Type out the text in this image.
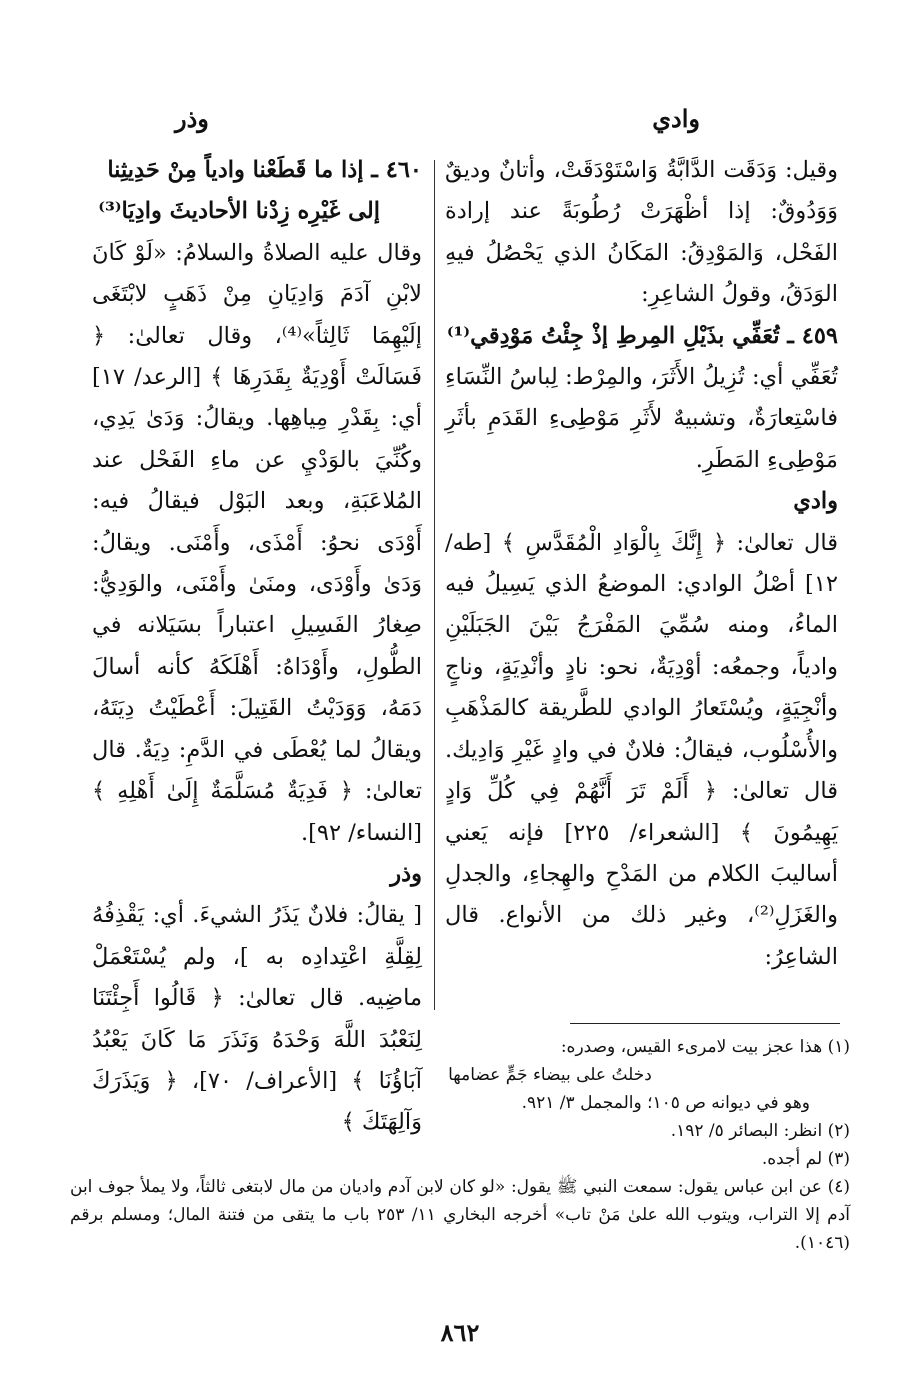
وادي
وذر

وقيل: وَدَقَت الدَّابَّةُ وَاسْتَوْدَقَتْ، وأتانٌ وديقٌ وَوَدُوقٌ: إذا أظْهَرَتْ رُطُوبَةً عند إرادة الفَحْل، وَالمَوْدِقُ: المَكَانُ الذي يَحْصُلُ فيهِ الوَدَقُ، وقولُ الشاعِرِ:

٤٥٩ ـ تُعَفِّي بذَيْلِ المِرطِ إذْ جِئْتُ مَوْدِقي⁽¹⁾

تُعَفِّي أي: تُزِيلُ الأَثَرَ، والمِرْط: لِباسُ النِّسَاءِ فاسْتِعارَةٌ، وتشبيهٌ لأَثَرِ مَوْطِىءِ القَدَمِ بأثَرِ مَوْطِىءِ المَطَرِ.

وادي

قال تعالىٰ: ﴿ إِنَّكَ بِالْوَادِ الْمُقَدَّسِ ﴾ [طه/ ١٢] أصْلُ الوادي: الموضعُ الذي يَسِيلُ فيه الماءُ، ومنه سُمِّيَ المَفْرَجُ بَيْنَ الجَبَلَيْنِ وادياً، وجمعُه: أوْدِيَةٌ، نحو: نادٍ وأنْدِيَةٍ، وناجٍ وأنْجِيَةٍ، ويُسْتَعارُ الوادي للطَّريقة كالمَذْهَبِ والأُسْلُوب، فيقالُ: فلانٌ في وادٍ غَيْرِ وَادِيك. قال تعالىٰ: ﴿ أَلَمْ تَرَ أَنَّهُمْ فِي كُلِّ وَادٍ يَهِيمُونَ ﴾ [الشعراء/ ٢٢٥] فإنه يَعني أساليبَ الكلام من المَدْحِ والهِجاءِ، والجدلِ والغَزَلِ⁽²⁾، وغير ذلك من الأنواع. قال الشاعِرُ:

٤٦٠ ـ إذا ما قَطَعْنا وادياً مِنْ حَدِيثِنا

إلى غَيْرِه زِدْنا الأحاديثَ وادِيَا⁽³⁾

وقال عليه الصلاةُ والسلامُ: «لَوْ كَانَ لابْنِ آدَمَ وَادِيَانِ مِنْ ذَهَبٍ لابْتَغَى إلَيْهِمَا ثَالِثاً»⁽⁴⁾، وقال تعالىٰ: ﴿ فَسَالَتْ أَوْدِيَةٌ بِقَدَرِهَا ﴾ [الرعد/ ١٧] أي: بِقَدْرِ مِياهِها. ويقالُ: وَدَىٰ يَدِي، وكُنِّيَ بالوَدْيِ عن ماءِ الفَحْل عند المُلاعَبَةِ، وبعد البَوْل فيقالُ فيه: أَوْدَى نحوُ: أَمْذَى، وأَمْنَى. ويقالُ: وَدَىٰ وأَوْدَى، ومنَىٰ وأَمْنَى، والوَدِيُّ: صِغارُ الفَسِيلِ اعتباراً بسَيَلانه في الطُّولِ، وأَوْدَاهُ: أَهْلَكَهُ كأنه أسالَ دَمَهُ، وَوَدَيْتُ القَتِيلَ: أَعْطَيْتُ دِيَتَهُ، ويقالُ لما يُعْطَى في الدَّمِ: دِيَةٌ. قال تعالىٰ: ﴿ فَدِيَةٌ مُسَلَّمَةٌ إِلَىٰ أَهْلِهِ ﴾ [النساء/ ٩٢].

وذر

[ يقالُ: فلانٌ يَذَرُ الشيءَ. أي: يَقْذِفُهُ لِقِلَّةِ اعْتِدادِه به ]، ولم يُسْتَعْمَلْ ماضِيه. قال تعالىٰ: ﴿ قَالُوا أَجِئْتَنَا لِنَعْبُدَ اللَّهَ وَحْدَهُ وَنَذَرَ مَا كَانَ يَعْبُدُ آبَاؤُنَا ﴾ [الأعراف/ ٧٠]، ﴿ وَيَذَرَكَ وَآلِهَتَكَ ﴾

(١) هذا عجز بيت لامرىء القيس، وصدره:

دخلتُ على بيضاء جَمٍّ عضامها

وهو في ديوانه ص ١٠٥؛ والمجمل ٣/ ٩٢١.

(٢) انظر: البصائر ٥/ ١٩٢.

(٣) لم أجده.

(٤) عن ابن عباس يقول: سمعت النبي ﷺ يقول: «لو كان لابن آدم واديان من مال لابتغى ثالثاً، ولا يملأ جوف ابن آدم إلا التراب، ويتوب الله علىٰ مَنْ تاب» أخرجه البخاري ١١/ ٢٥٣ باب ما يتقى من فتنة المال؛ ومسلم برقم (١٠٤٦).

٨٦٢
